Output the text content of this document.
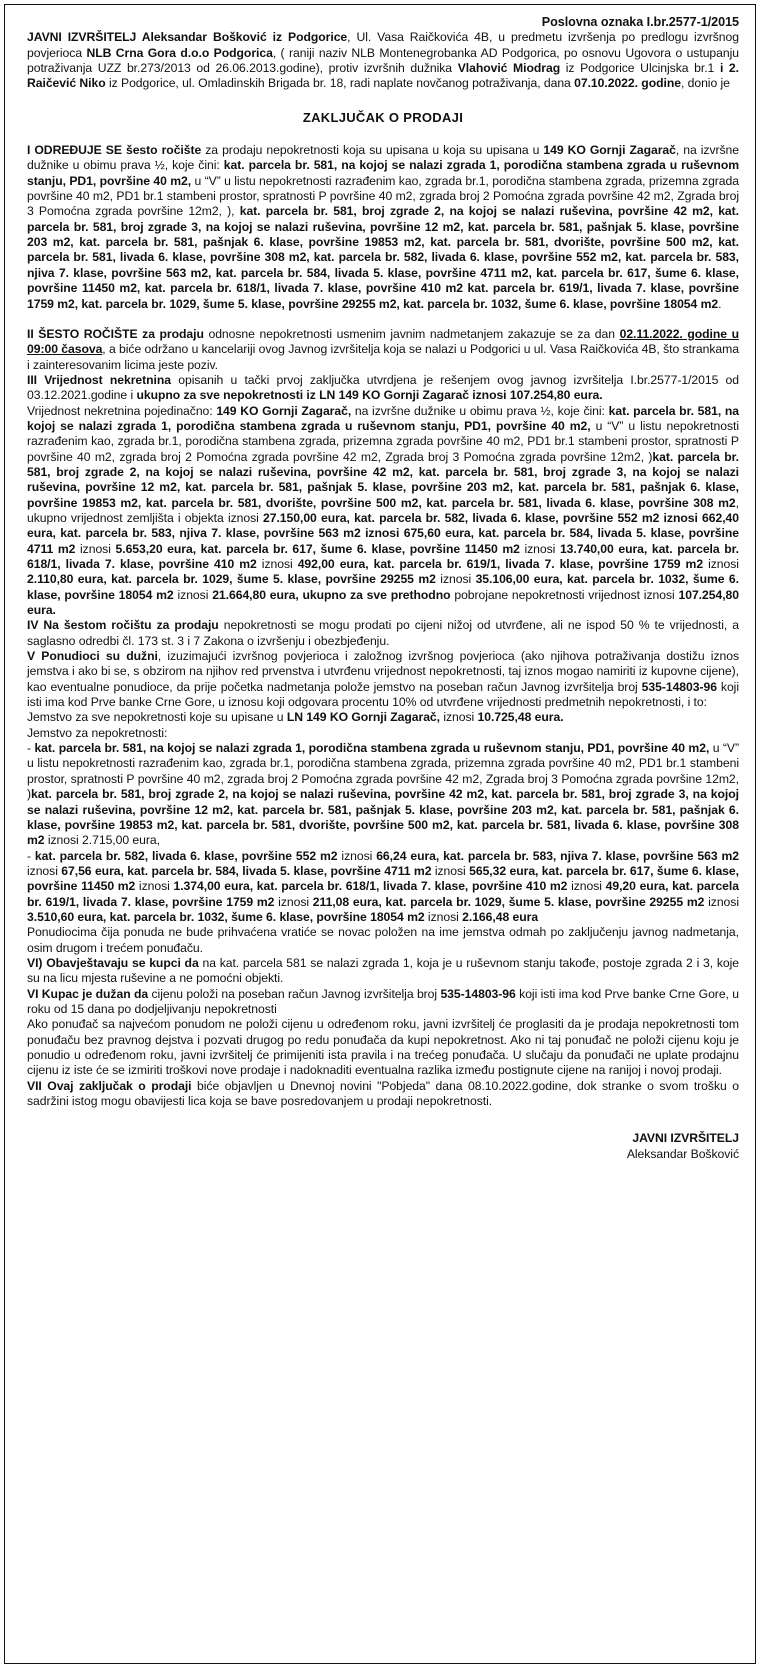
Poslovna oznaka I.br.2577-1/2015

JAVNI IZVRŠITELJ Aleksandar Bošković iz Podgorice, Ul. Vasa Raičkovića 4B, u predmetu izvršenja po predlogu izvršnog povjerioca NLB Crna Gora d.o.o Podgorica, ( raniji naziv NLB Montenegrobanka AD Podgorica, po osnovu Ugovora o ustupanju potraživanja UZZ br.273/2013 od 26.06.2013.godine), protiv izvršnih dužnika Vlahović Miodrag iz Podgorice Ulcinjska br.1 i 2. Raičević Niko iz Podgorice, ul. Omladinskih Brigada br. 18, radi naplate novčanog potraživanja, dana 07.10.2022. godine, donio je

ZAKLJUČAK O PRODAJI

I ODREĐUJE SE šesto ročište za prodaju nepokretnosti koja su upisana u koja su upisana u 149 KO Gornji Zagarač, na izvršne dužnike u obimu prava ½, koje čini: kat. parcela br. 581, na kojoj se nalazi zgrada 1, porodična stambena zgrada u ruševnom stanju, PD1, površine 40 m2, u “V” u listu nepokretnosti razrađenim kao, zgrada br.1, porodična stambena zgrada, prizemna zgrada površine 40 m2, PD1 br.1 stambeni prostor, spratnosti P površine 40 m2, zgrada broj 2 Pomoćna zgrada površine 42 m2, Zgrada broj 3 Pomoćna zgrada površine 12m2, ), kat. parcela br. 581, broj zgrade 2, na kojoj se nalazi ruševina, površine 42 m2, kat. parcela br. 581, broj zgrade 3, na kojoj se nalazi ruševina, površine 12 m2, kat. parcela br. 581, pašnjak 5. klase, površine 203 m2, kat. parcela br. 581, pašnjak 6. klase, površine 19853 m2, kat. parcela br. 581, dvorište, površine 500 m2, kat. parcela br. 581, livada 6. klase, površine 308 m2, kat. parcela br. 582, livada 6. klase, površine 552 m2, kat. parcela br. 583, njiva 7. klase, površine 563 m2, kat. parcela br. 584, livada 5. klase, površine 4711 m2, kat. parcela br. 617, šume 6. klase, površine 11450 m2, kat. parcela br. 618/1, livada 7. klase, površine 410 m2 kat. parcela br. 619/1, livada 7. klase, površine 1759 m2, kat. parcela br. 1029, šume 5. klase, površine 29255 m2, kat. parcela br. 1032, šume 6. klase, površine 18054 m2.

II ŠESTO ROČIŠTE za prodaju odnosne nepokretnosti usmenim javnim nadmetanjem zakazuje se za dan 02.11.2022. godine u 09:00 časova, a biće održano u kancelariji ovog Javnog izvršitelja koja se nalazi u Podgorici u ul. Vasa Raičkovića 4B, što strankama i zainteresovanim licima jeste poziv.

III Vrijednost nekretnina opisanih u tački prvoj zaključka utvrdjena je rešenjem ovog javnog izvršitelja I.br.2577-1/2015 od 03.12.2021.godine i ukupno za sve nepokretnosti iz LN 149 KO Gornji Zagarač iznosi 107.254,80 eura.

Vrijednost nekretnina pojedinačno: 149 KO Gornji Zagarač, na izvršne dužnike u obimu prava ½, koje čini: kat. parcela br. 581, na kojoj se nalazi zgrada 1, porodična stambena zgrada u ruševnom stanju, PD1, površine 40 m2, u “V” u listu nepokretnosti razrađenim kao, zgrada br.1, porodična stambena zgrada, prizemna zgrada površine 40 m2, PD1 br.1 stambeni prostor, spratnosti P površine 40 m2, zgrada broj 2 Pomoćna zgrada površine 42 m2, Zgrada broj 3 Pomoćna zgrada površine 12m2, )kat. parcela br. 581, broj zgrade 2, na kojoj se nalazi ruševina, površine 42 m2, kat. parcela br. 581, broj zgrade 3, na kojoj se nalazi ruševina, površine 12 m2, kat. parcela br. 581, pašnjak 5. klase, površine 203 m2, kat. parcela br. 581, pašnjak 6. klase, površine 19853 m2, kat. parcela br. 581, dvorište, površine 500 m2, kat. parcela br. 581, livada 6. klase, površine 308 m2, ukupno vrijednost zemljišta i objekta iznosi 27.150,00 eura, kat. parcela br. 582, livada 6. klase, površine 552 m2 iznosi 662,40 eura, kat. parcela br. 583, njiva 7. klase, površine 563 m2 iznosi 675,60 eura, kat. parcela br. 584, livada 5. klase, površine 4711 m2 iznosi 5.653,20 eura, kat. parcela br. 617, šume 6. klase, površine 11450 m2 iznosi 13.740,00 eura, kat. parcela br. 618/1, livada 7. klase, površine 410 m2 iznosi 492,00 eura, kat. parcela br. 619/1, livada 7. klase, površine 1759 m2 iznosi 2.110,80 eura, kat. parcela br. 1029, šume 5. klase, površine 29255 m2 iznosi 35.106,00 eura, kat. parcela br. 1032, šume 6. klase, površine 18054 m2 iznosi 21.664,80 eura, ukupno za sve prethodno pobrojane nepokretnosti vrijednost iznosi 107.254,80 eura.

IV Na šestom ročištu za prodaju nepokretnosti se mogu prodati po cijeni nižoj od utvrđene, ali ne ispod 50 % te vrijednosti, a saglasno odredbi čl. 173 st. 3 i 7 Zakona o izvršenju i obezbjeđenju.

V Ponudioci su dužni, izuzimajući izvršnog povjerioca i založnog izvršnog povjerioca (ako njihova potraživanja dostižu iznos jemstva i ako bi se, s obzirom na njihov red prvenstva i utvrđenu vrijednost nepokretnosti, taj iznos mogao namiriti iz kupovne cijene), kao eventualne ponudioce, da prije početka nadmetanja polože jemstvo na poseban račun Javnog izvršitelja broj 535-14803-96 koji isti ima kod Prve banke Crne Gore, u iznosu koji odgovara procentu 10% od utvrđene vrijednosti predmetnih nepokretnosti, i to:

Jemstvo za sve nepokretnosti koje su upisane u LN 149 KO Gornji Zagarač, iznosi 10.725,48 eura.

Jemstvo za nepokretnosti:

- kat. parcela br. 581, na kojoj se nalazi zgrada 1, porodična stambena zgrada u ruševnom stanju, PD1, površine 40 m2, u “V” u listu nepokretnosti razrađenim kao, zgrada br.1, porodična stambena zgrada, prizemna zgrada površine 40 m2, PD1 br.1 stambeni prostor, spratnosti P površine 40 m2, zgrada broj 2 Pomoćna zgrada površine 42 m2, Zgrada broj 3 Pomoćna zgrada površine 12m2, )kat. parcela br. 581, broj zgrade 2, na kojoj se nalazi ruševina, površine 42 m2, kat. parcela br. 581, broj zgrade 3, na kojoj se nalazi ruševina, površine 12 m2, kat. parcela br. 581, pašnjak 5. klase, površine 203 m2, kat. parcela br. 581, pašnjak 6. klase, površine 19853 m2, kat. parcela br. 581, dvorište, površine 500 m2, kat. parcela br. 581, livada 6. klase, površine 308 m2 iznosi 2.715,00 eura,

- kat. parcela br. 582, livada 6. klase, površine 552 m2 iznosi 66,24 eura, kat. parcela br. 583, njiva 7. klase, površine 563 m2 iznosi 67,56 eura, kat. parcela br. 584, livada 5. klase, površine 4711 m2 iznosi 565,32 eura, kat. parcela br. 617, šume 6. klase, površine 11450 m2 iznosi 1.374,00 eura, kat. parcela br. 618/1, livada 7. klase, površine 410 m2 iznosi 49,20 eura, kat. parcela br. 619/1, livada 7. klase, površine 1759 m2 iznosi 211,08 eura, kat. parcela br. 1029, šume 5. klase, površine 29255 m2 iznosi 3.510,60 eura, kat. parcela br. 1032, šume 6. klase, površine 18054 m2 iznosi 2.166,48 eura

Ponudiocima čija ponuda ne bude prihvaćena vratiće se novac položen na ime jemstva odmah po zaključenju javnog nadmetanja, osim drugom i trećem ponuđaču.

VI) Obavještavaju se kupci da na kat. parcela 581 se nalazi zgrada 1, koja je u ruševnom stanju takođe, postoje zgrada 2 i 3, koje su na licu mjesta ruševine a ne pomoćni objekti.

VI Kupac je dužan da cijenu položi na poseban račun Javnog izvršitelja broj 535-14803-96 koji isti ima kod Prve banke Crne Gore, u roku od 15 dana po dodjeljivanju nepokretnosti

Ako ponuđač sa najvećom ponudom ne položi cijenu u određenom roku, javni izvršitelj će proglasiti da je prodaja nepokretnosti tom ponuđaču bez pravnog dejstva i pozvati drugog po redu ponuđača da kupi nepokretnost. Ako ni taj ponuđač ne položi cijenu koju je ponudio u određenom roku, javni izvršitelj će primijeniti ista pravila i na trećeg ponuđača. U slučaju da ponuđači ne uplate prodajnu cijenu iz iste će se izmiriti troškovi nove prodaje i nadoknaditi eventualna razlika između postignute cijene na ranijoj i novoj prodaji.

VII Ovaj zaključak o prodaji biće objavljen u Dnevnoj novini "Pobjeda" dana 08.10.2022.godine, dok stranke o svom trošku o sadržini istog mogu obavijesti lica koja se bave posredovanjem u prodaji nepokretnosti.

JAVNI IZVRŠITELJ

Aleksandar Bošković
